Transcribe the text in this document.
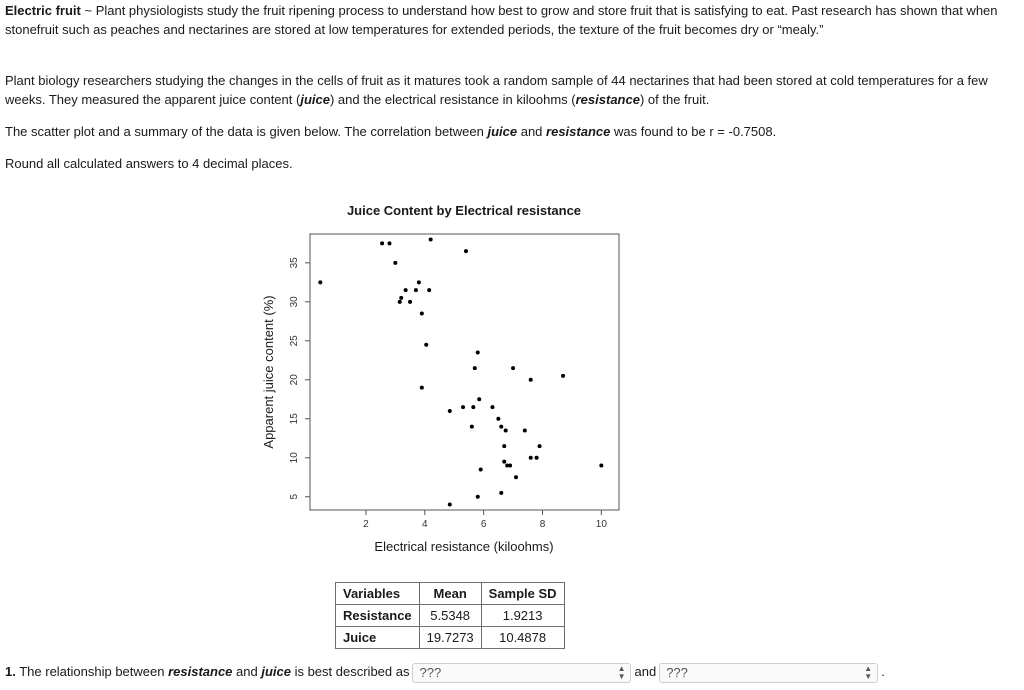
Electric fruit ~ Plant physiologists study the fruit ripening process to understand how best to grow and store fruit that is satisfying to eat. Past research has shown that when stonefruit such as peaches and nectarines are stored at low temperatures for extended periods, the texture of the fruit becomes dry or “mealy.”

Plant biology researchers studying the changes in the cells of fruit as it matures took a random sample of 44 nectarines that had been stored at cold temperatures for a few weeks. They measured the apparent juice content (juice) and the electrical resistance in kiloohms (resistance) of the fruit.

The scatter plot and a summary of the data is given below. The correlation between juice and resistance was found to be r = -0.7508.

Round all calculated answers to 4 decimal places.

Juice Content by Electrical resistance
2	4	6	8	10
5
10
15
20
25
30
35
Electrical resistance (kiloohms)
Apparent juice content (%)
Variables	Mean	Sample SD
Resistance	5.5348	1.9213
Juice	19.7273	10.4878
1. The relationship between resistance and juice is best described as ???	▲
▼ and ???	▲
▼ .
